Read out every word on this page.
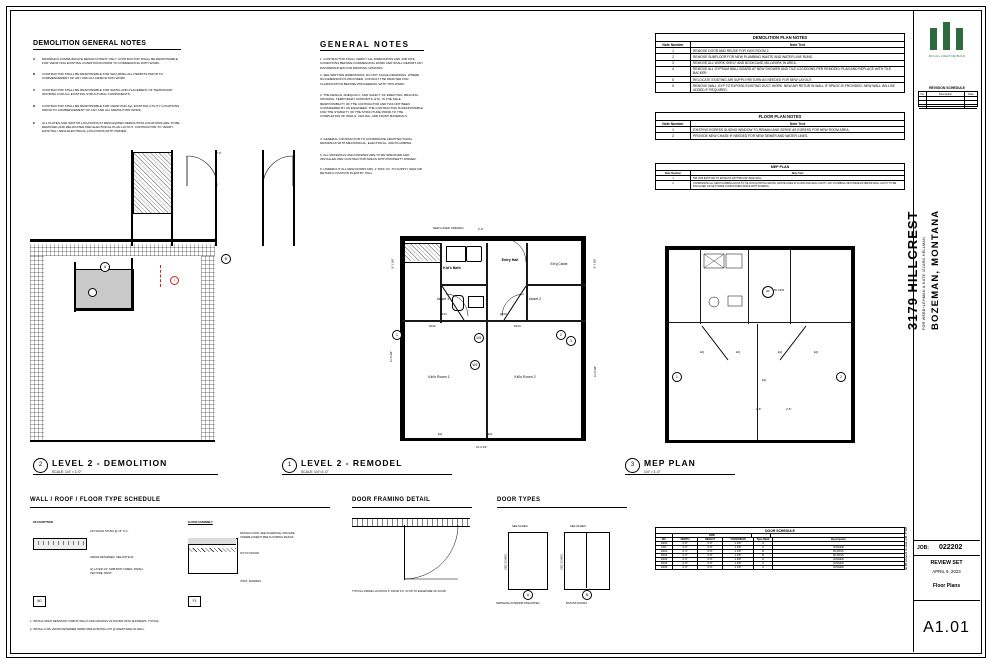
DEMOLITION GENERAL NOTES
A DRAWINGS COMMUNICATE DESIGN INTENT ONLY. CONTRACTOR SHALL BE RESPONSIBLE FOR VERIFYING EXISTING CONDITIONS PRIOR TO COMMENCING WITH WORK.
B CONTRACTOR SHALL BE RESPONSIBLE FOR SECURING ALL PERMITS PRIOR TO COMMENCEMENT OF ANY AND ALL DEMOLITION WORK.
C CONTRACTOR SHALL BE RESPONSIBLE FOR SIZING AND PLACEMENT OF TEMPORARY SHORING FOR ALL EXISTING STRUCTURAL COMPONENTS.
D CONTRACTOR SHALL BE RESPONSIBLE FOR VERIFYING ALL EXISTING UTILITY LOCATIONS PRIOR TO COMMENCEMENT OF ANY AND ALL DEMOLITION WORK.
E ALL PLATES AND SWITCH LOCATIONS AT DESIGNATED DEMOLITION LOCATIONS ARE TO BE REMOVED AND RELOCATED PER ELECTRICAL PLAN LAYOUT. CONTRACTOR TO VERIFY EXISTING / NEW ELECTRICAL LOCATIONS WITH OWNER.
GENERAL NOTES
1. CONTRACTOR SHALL VERIFY ALL DIMENSIONS AND JOB SITE CONDITIONS BEFORE COMMENCING WORK AND SHALL REPORT ANY DISCREPANCIES FOR DRAWING UPDATES.
2. SEE WRITTEN DIMENSIONS. DO NOT SCALE DRAWINGS. WHERE NO DIMENSION IS PROVIDED, CONSULT THE DRAFTER FOR CLARIFICATION BEFORE PROCEEDING WITH THIS WORK.
3. THE DESIGN, ADEQUACY, AND SAFETY OF ERECTING, BRACING, SHORING, TEMPORARY SUPPORTS, ETC. IS THE SOLE RESPONSIBILITY OF THE CONTRACTOR AND HAS NOT BEEN CONSIDERED BY AN ENGINEER. THE CONTRACTOR IS RESPONSIBLE FOR THE STABILITY OF THE STRUCTURE PRIOR TO THE COMPLETION OF WALLS, CEILING, AND FINISH MATERIALS.
4. GENERAL CONTRACTOR TO COORDINATE ARCHITECTURAL DRAWINGS WITH MECHANICAL, ELECTRICAL, AND PLUMBING.
5. ALL MATERIALS AND FINISHES ARE TO BE SPECIFIED AND INSTALLED PER CONTRACTOR SPECS WITH PROPERTY OWNER.
6. UNDERCUT ALL NEW DOORS MIN. 1" DIFF V.F. TO SUPPLY NEW AIR RETURN LOCATION IN ENTRY HALL.
DEMOLITION PLAN NOTES
Note Number	Note Text
1	REMOVE DOOR AND REUSE FOR KIDS ROOM 2.
2	REMOVE SUBFLOOR FOR NEW PLUMBING WASTE AND WATER LINE RUNS.
3	REMOVE ALL WORK SHELF AND BOOKCASE MILLWORK IN AREA.
4	REMOVE ALL GYPSUM WALL BOARD AT NEW SHOWER AND TILE LOCATIONS PER REMODEL PLAN AND REPLACE WITH TILE BACKER.
5	RELOCATE EXISTING AIR SUPPLY/RETURN AS NEEDED FOR NEW LAYOUT.
6	REMOVE WALL GYP TO EXPOSE EXISTING DUCT WORK. NEW AIR RETUR IN WALL IF SPACE IS PROVIDED. NEW WALL WILL BE ADDED IF REQUIRED.
FLOOR PLAN NOTES
Note Number	Note Text
1	EXISTING EGRESS SLIDING WINDOW TO REMAIN AND SERVE AS EGRESS FOR NEW ROOM AREA.
2	PROVIDE NEW CHASE IF NEEDED FOR NEW SEWER AND WATER LINES.
MEP PLAN
Note Number	Note Text
1	50B CFM BATH FAN TO EXHAUST AIR THROUGH SIDE WALL.
2	COORDINATE ALL NEW PLUMBING RUNS TO TIE INTO EXISTING WASTE, WASTE LINES IN FLOOR AND WALL CAVITY. ANY PLUMBING SET INSIDE EXTERIOR WALL CAVITY TO BE INSULATED OR SET INSIDE CONDITIONED SPACE WITH FURRING.
1
A
B
2'-0"
2	LEVEL 2 - DEMOLITION
SCALE: 1/4" = 1'-0"
Kid's Bath
Entry Hall
closet 1	closet 2
Kid's Room 1	Kid's Room 2
Ext'g Closet
NEW CASED OPENING
W1
W2
1	2
3
D102	D103
D104	D105
EQ	EQ
8'-1 3/8"
11'-6 3/8"
8'-1 3/8"
11'-6 3/8"
10'-2 3/4"
2'-0"
1	LEVEL 2 - REMODEL
SCALE: 1/4"=1'-0"
EF	50 CFM
EQ	EQ	EQ	EQ
EQ
2'-8"	2'-8"
1	2
3	MEP PLAN
1/4" = 1'-0"
WALL / ROOF / FLOOR TYPE SCHEDULE
2X4 PARTITION
2X4 WOOD STUDS @ 16" O.C.
VAPOR RETARDER, SEE NOTE #2
(2) LAYER 1/2" GWB BOTH SIDES, FINISH, TEXTURE, PAINT
W1
FLOOR ASSEMBLY
FINISH FLOOR, SEE SCHEDULE, PROVIDE UNDERLAYMENT PER FLOORING MANUF.
3/4" PLYWOOD
JOIST, FRAMING
F1
1. INSTALL MOLD RESISTANT GWB AT WALLS AND CEILINGS OF ROOMS WITH SHOWER/S, TYPICAL.
2. INSTALL 6 MIL VAPOR RETARDER WARM SIDE EXISTING GYP @ WARM SIDE OF WALL.
DOOR FRAMING DETAIL
TYPICAL INSIDE LOCATION 6" FROM F.O. STUD TO EDGE/SIDE OF DOOR
DOOR TYPES
SEE SCHED.
SEE SCHED.
A
SWINGING INTERIOR PRE RATED
SEE SCHED.
SEE SCHED.
B
BI-PASS DOORS
DOOR SCHEDULE
SIZE
NO.	WIDTH	HEIGHT	THICKNESS	Type Mark	Description
D200	2'-8"	6'-8"	1 3/8"	A
D01	2'-6"	6'-8"	1 3/8"	A	HINGED
D102	2'-4"	6'-8"	1 1/8"	B	BI-PASS
D103	2'-0"	6'-8"	1 1/8"	B	BI-PASS
D104	2'-6"	6'-8"	1 3/8"	A	HINGED
D105	2'-8"	6'-8"	1 3/8"	A	HINGED
D106	2'-0"	6'-8"	1 1/8"	A	HINGED
MCCALL CREATIVE BUILD
REVISION SCHEDULE
No.	Description	Date
3179 HILLCREST BOZEMAN, MONTANA
FOR WEBB+LEHMAN & KATE IZZARD-HELLMAN
4/9/2023 4:33:26 PM JOB: 022202
REVIEW SET
APRIL 9, 2023
Floor Plans
A1.01
